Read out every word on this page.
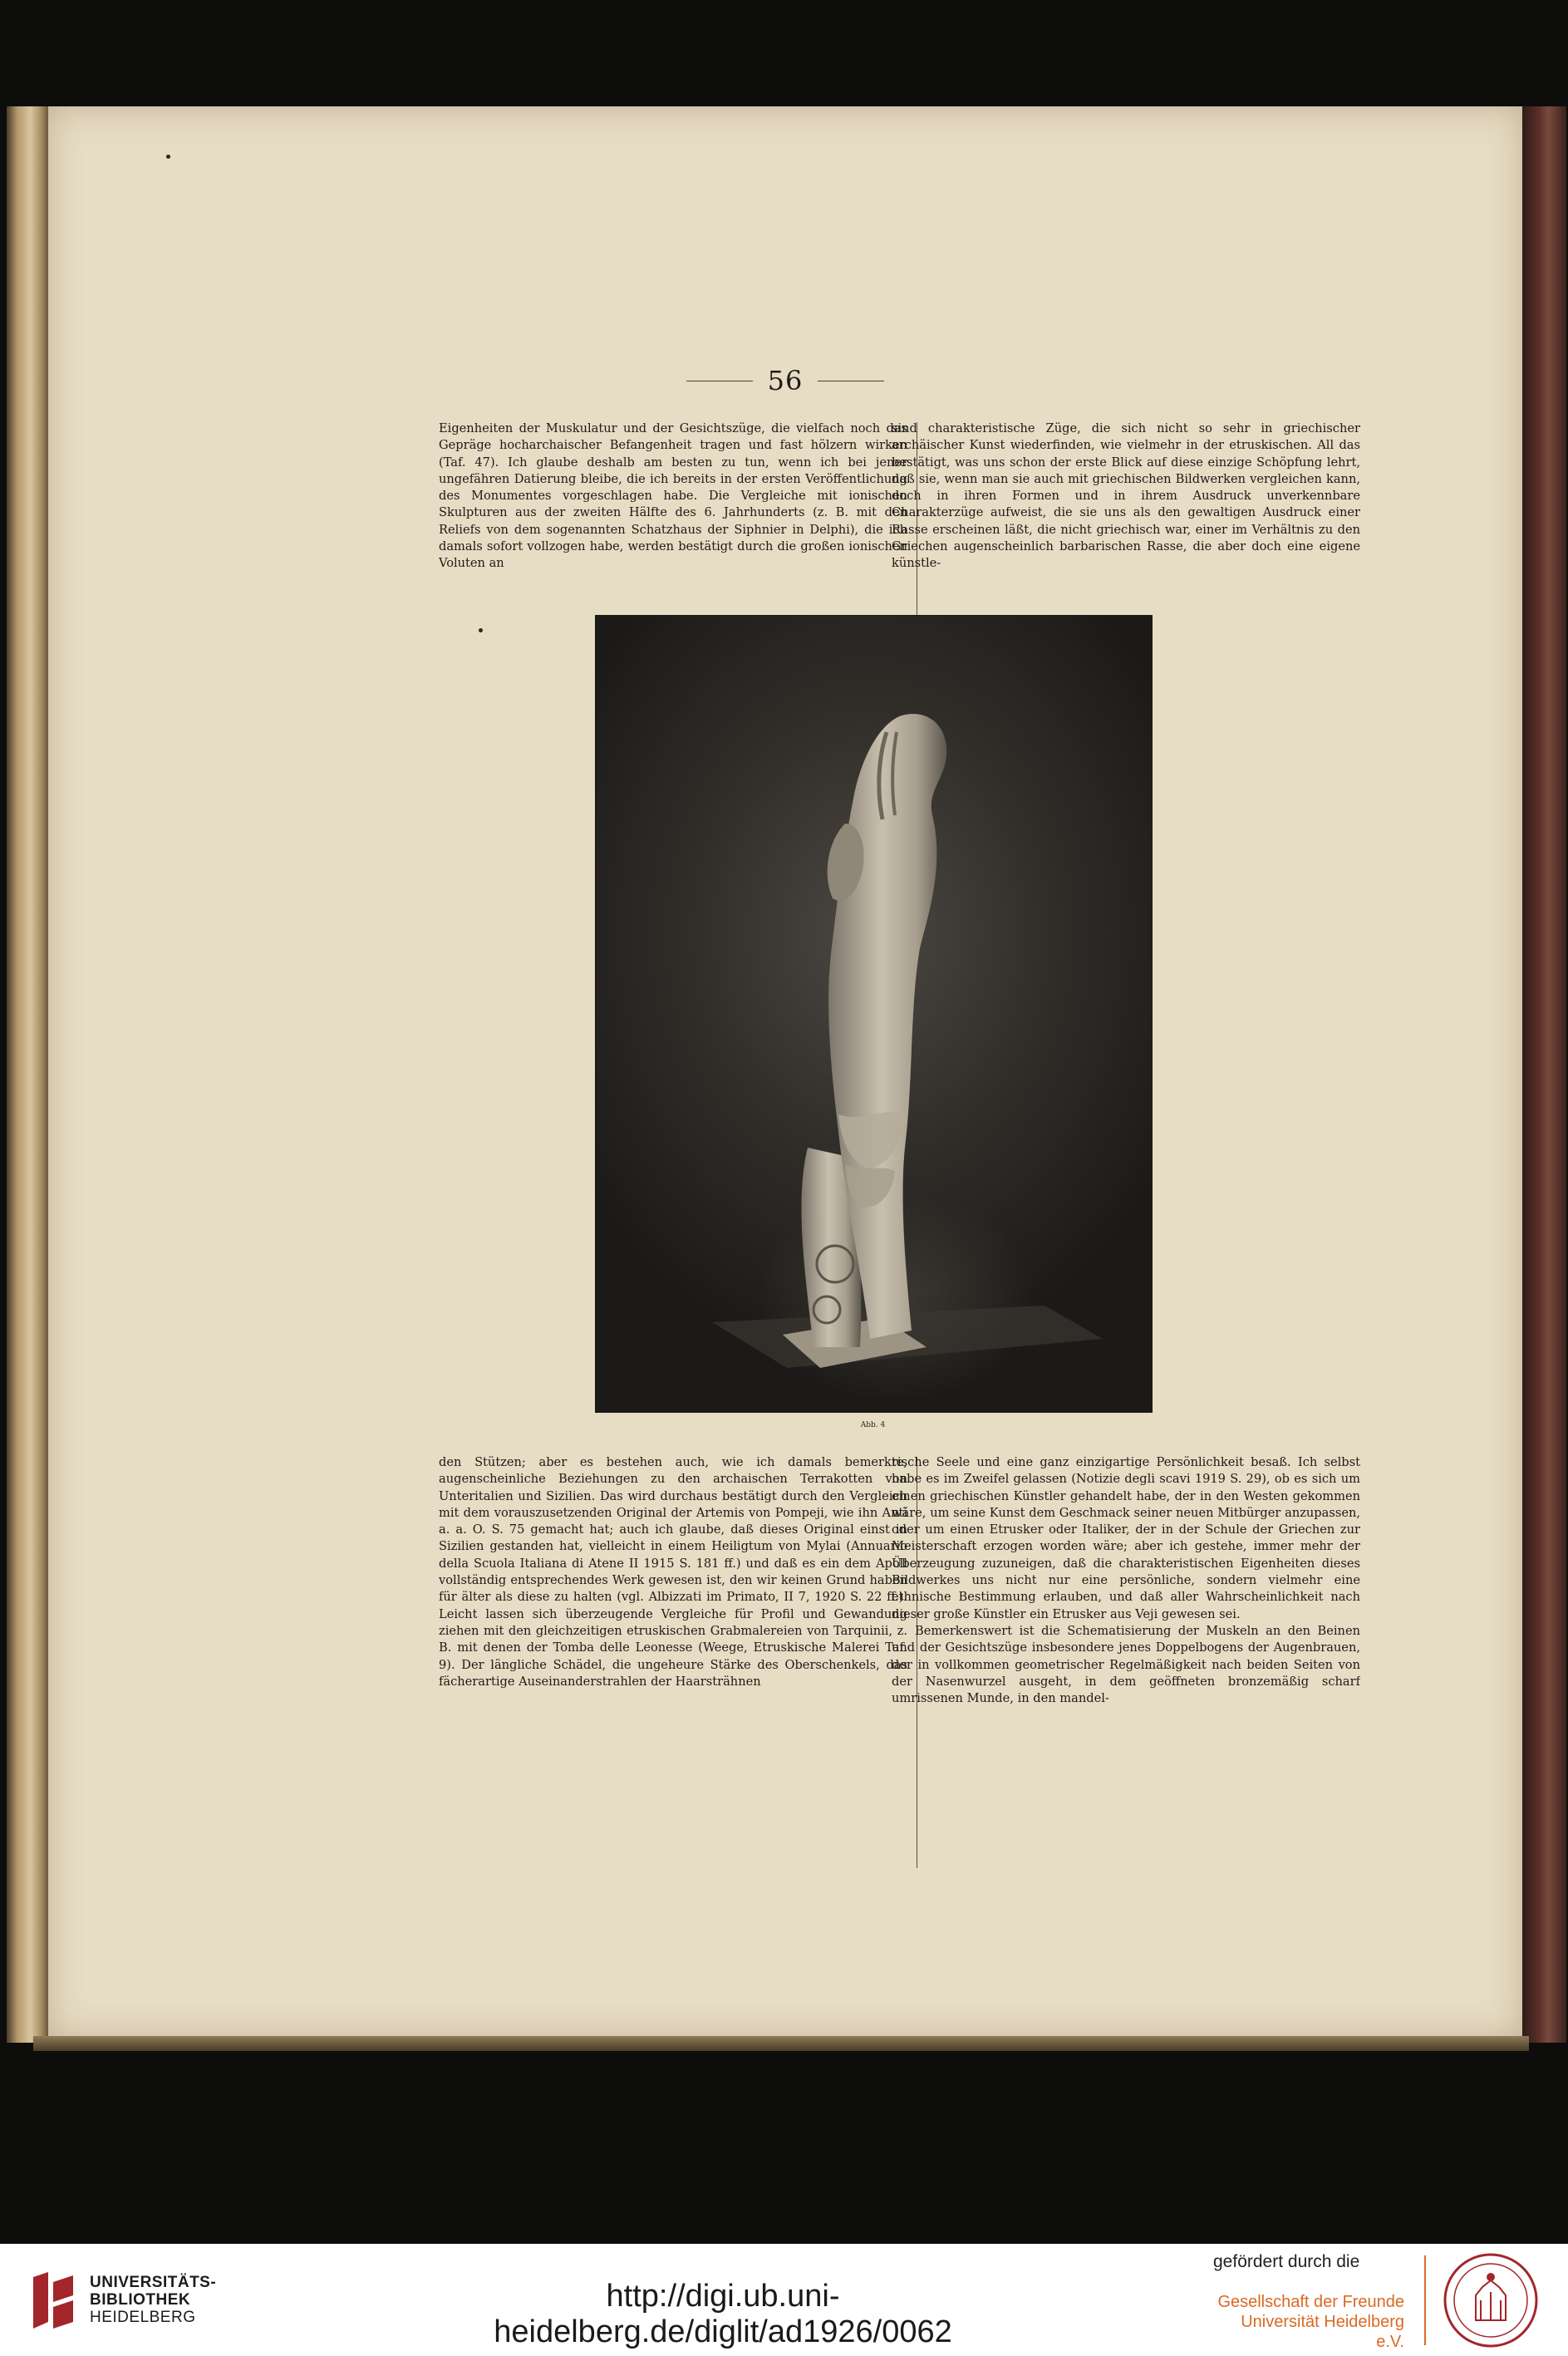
56

Eigenheiten der Muskulatur und der Gesichtszüge, die vielfach noch das Gepräge hocharchaischer Befangenheit tragen und fast hölzern wirken (Taf. 47). Ich glaube deshalb am besten zu tun, wenn ich bei jener ungefähren Datierung bleibe, die ich bereits in der ersten Veröffentlichung des Monumentes vorgeschlagen habe. Die Vergleiche mit ionischen Skulpturen aus der zweiten Hälfte des 6. Jahrhunderts (z. B. mit den Reliefs von dem sogenannten Schatzhaus der Siphnier in Delphi), die ich damals sofort vollzogen habe, werden bestätigt durch die großen ionischen Voluten an

sind charakteristische Züge, die sich nicht so sehr in griechischer archäischer Kunst wiederfinden, wie vielmehr in der etruskischen. All das bestätigt, was uns schon der erste Blick auf diese einzige Schöpfung lehrt, daß sie, wenn man sie auch mit griechischen Bildwerken vergleichen kann, doch in ihren Formen und in ihrem Ausdruck unverkennbare Charakterzüge aufweist, die sie uns als den gewaltigen Ausdruck einer Rasse erscheinen läßt, die nicht griechisch war, einer im Verhältnis zu den Griechen augenscheinlich barbarischen Rasse, die aber doch eine eigene künstle-

Abb. 4

den Stützen; aber es bestehen auch, wie ich damals bemerkte, augenscheinliche Beziehungen zu den archaischen Terrakotten von Unteritalien und Sizilien. Das wird durchaus bestätigt durch den Vergleich mit dem vorauszusetzenden Original der Artemis von Pompeji, wie ihn Anti a. a. O. S. 75 gemacht hat; auch ich glaube, daß dieses Original einst in Sizilien gestanden hat, vielleicht in einem Heiligtum von Mylai (Annuario della Scuola Italiana di Atene II 1915 S. 181 ff.) und daß es ein dem Apoll vollständig entsprechendes Werk gewesen ist, den wir keinen Grund haben für älter als diese zu halten (vgl. Albizzati im Primato, II 7, 1920 S. 22 ff.). Leicht lassen sich überzeugende Vergleiche für Profil und Gewandung ziehen mit den gleichzeitigen etruskischen Grabmalereien von Tarquinii, z. B. mit denen der Tomba delle Leonesse (Weege, Etruskische Malerei Taf. 9). Der längliche Schädel, die ungeheure Stärke des Oberschenkels, das fächerartige Auseinanderstrahlen der Haarsträhnen

rische Seele und eine ganz einzigartige Persönlichkeit besaß. Ich selbst habe es im Zweifel gelassen (Notizie degli scavi 1919 S. 29), ob es sich um einen griechischen Künstler gehandelt habe, der in den Westen gekommen wäre, um seine Kunst dem Geschmack seiner neuen Mitbürger anzupassen, oder um einen Etrusker oder Italiker, der in der Schule der Griechen zur Meisterschaft erzogen worden wäre; aber ich gestehe, immer mehr der Überzeugung zuzuneigen, daß die charakteristischen Eigenheiten dieses Bildwerkes uns nicht nur eine persönliche, sondern vielmehr eine ethnische Bestimmung erlauben, und daß aller Wahrscheinlichkeit nach dieser große Künstler ein Etrusker aus Veji gewesen sei.

Bemerkenswert ist die Schematisierung der Muskeln an den Beinen und der Gesichtszüge insbesondere jenes Doppelbogens der Augenbrauen, der in vollkommen geometrischer Regelmäßigkeit nach beiden Seiten von der Nasenwurzel ausgeht, in dem geöffneten bronzemäßig scharf umrissenen Munde, in den mandel-

UNIVERSITÄTS-
BIBLIOTHEK
HEIDELBERG
http://digi.ub.uni-heidelberg.de/diglit/ad1926/0062
gefördert durch die
Gesellschaft der Freunde
Universität Heidelberg e.V.
